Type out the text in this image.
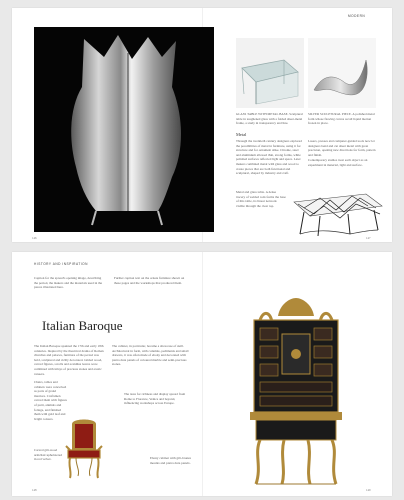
MODERN
GLASS TABLE WITH METAL BASE. Sculptural table in toughened glass with a folded sheet-metal frame, a study in transparency and line.
SILVER SCULPTURAL PIECE. A polished metal form whose flowing curves recall liquid motion frozen in place.
Metal
Through the twentieth century designers explored the possibilities of metal in furniture, using it for structure and for ornament alike. Chrome, steel and aluminium allowed thin, strong forms, while polished surfaces reflected light and space. Later makers combined metal with glass and wood to create pieces that are both functional and sculptural, shaped by industry and craft.
Lasers, presses and computer-guided tools now let designers bend and cut sheet metal with great precision, opening new directions for form, pattern and finish.
Contemporary studios treat each object as an experiment in material, light and surface.
Metal and glass table. A dense tracery of welded rods forms the base of this table, its linear network visible through the clear top.
146	147
HISTORY AND INSPIRATION
Caption for the spread's opening image, describing the period, the makers and the materials used in the pieces illustrated here.
Further caption text on the ornate furniture shown on these pages and the workshops that produced them.
Italian Baroque
The Italian Baroque spanned the 17th and early 18th centuries. Inspired by the theatrical drama of Roman churches and palaces, furniture of the period was bold, sculptural and richly decorated. Gilded wood, carved figures, scrolls and acanthus leaves were combined with inlays of precious stones and exotic veneers.
Chairs, tables and cabinets were conceived as parts of grand interiors. Craftsmen carved them with figures of putti, animals and foliage, and finished them with gold leaf and bright colours.
The cabinet, in particular, became a showcase of skill. Architectural in form, with columns, pediments and small drawers, it was often made of ebony and decorated with pietra dura panels of coloured marble and semi-precious stones.
The taste for richness and display spread from Rome to Florence, Venice and beyond, influencing workshops across Europe.
Ebony cabinet with gilt-bronze mounts and pietra dura panels.
Carved gilt-wood armchair upholstered in red velvet.
148	149
